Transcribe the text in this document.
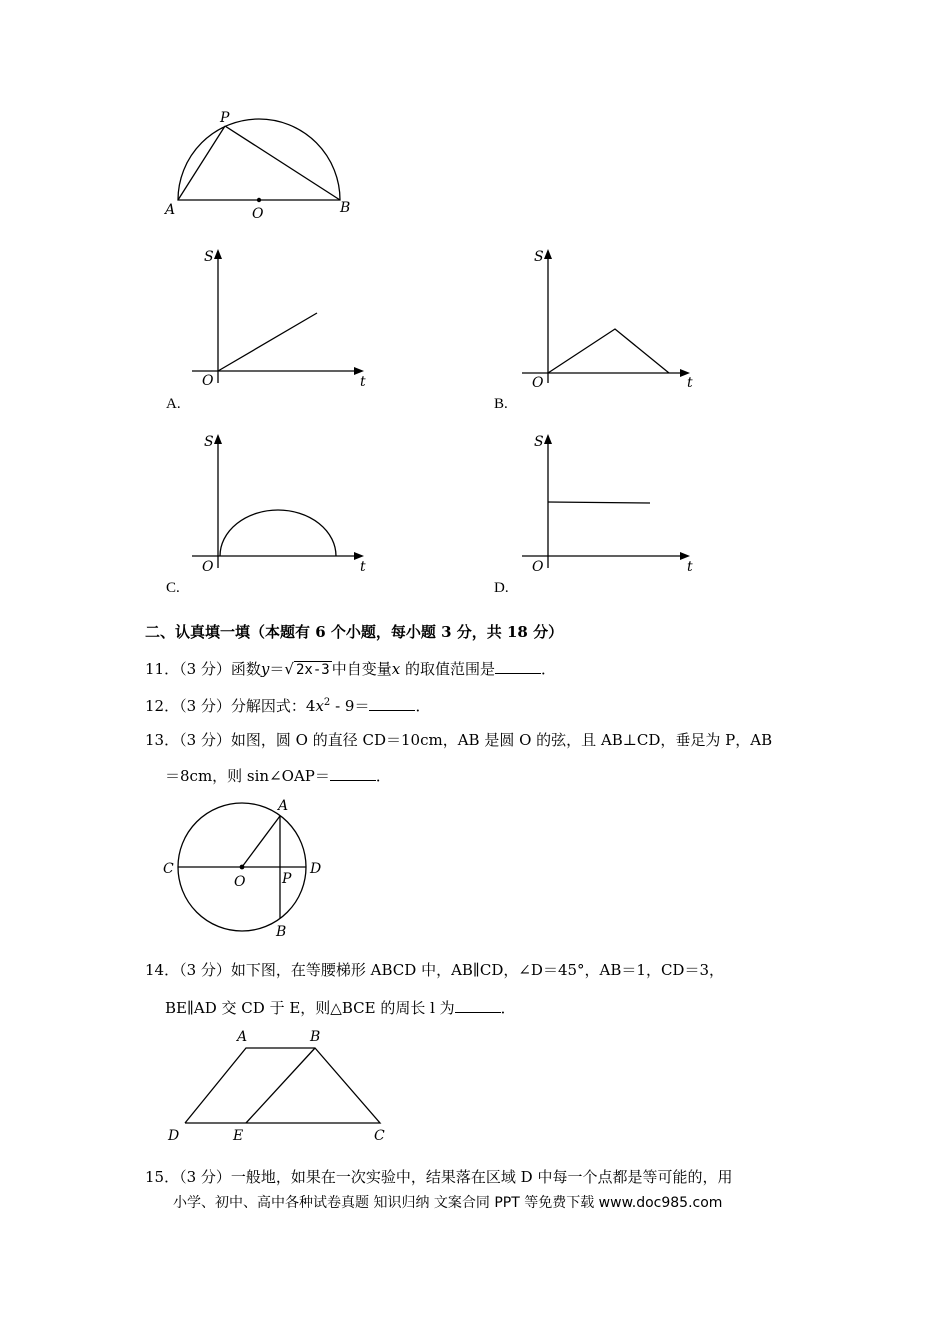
P
A	O	B
S
O	t
A.
S
O	t
B.
S
O	t
C.
S
O	t
D.
二、认真填一填（本题有 6 个小题，每小题 3 分，共 18 分）
11．（3 分）函数y＝√ 2x-3 中自变量x 的取值范围是	．
12．（3 分）分解因式：$4x^2 - 9=$	．
13．（3 分）如图，圆 O 的直径 CD＝10cm，AB 是圆 O 的弦，且 AB⊥CD，垂足为 P，AB
＝8cm，则 sin∠OAP＝	．
A
C
O	P
D
B
14．（3 分）如下图，在等腰梯形 ABCD 中，AB∥CD，∠D＝45°，AB＝1，CD＝3，
BE∥AD 交 CD 于 E，则△BCE 的周长 l 为	．
A	B
D	E	C
15．（3 分）一般地，如果在一次实验中，结果落在区域 D 中每一个点都是等可能的，用
小学、初中、高中各种试卷真题 知识归纳 文案合同 PPT 等免费下载 www.doc985.com
